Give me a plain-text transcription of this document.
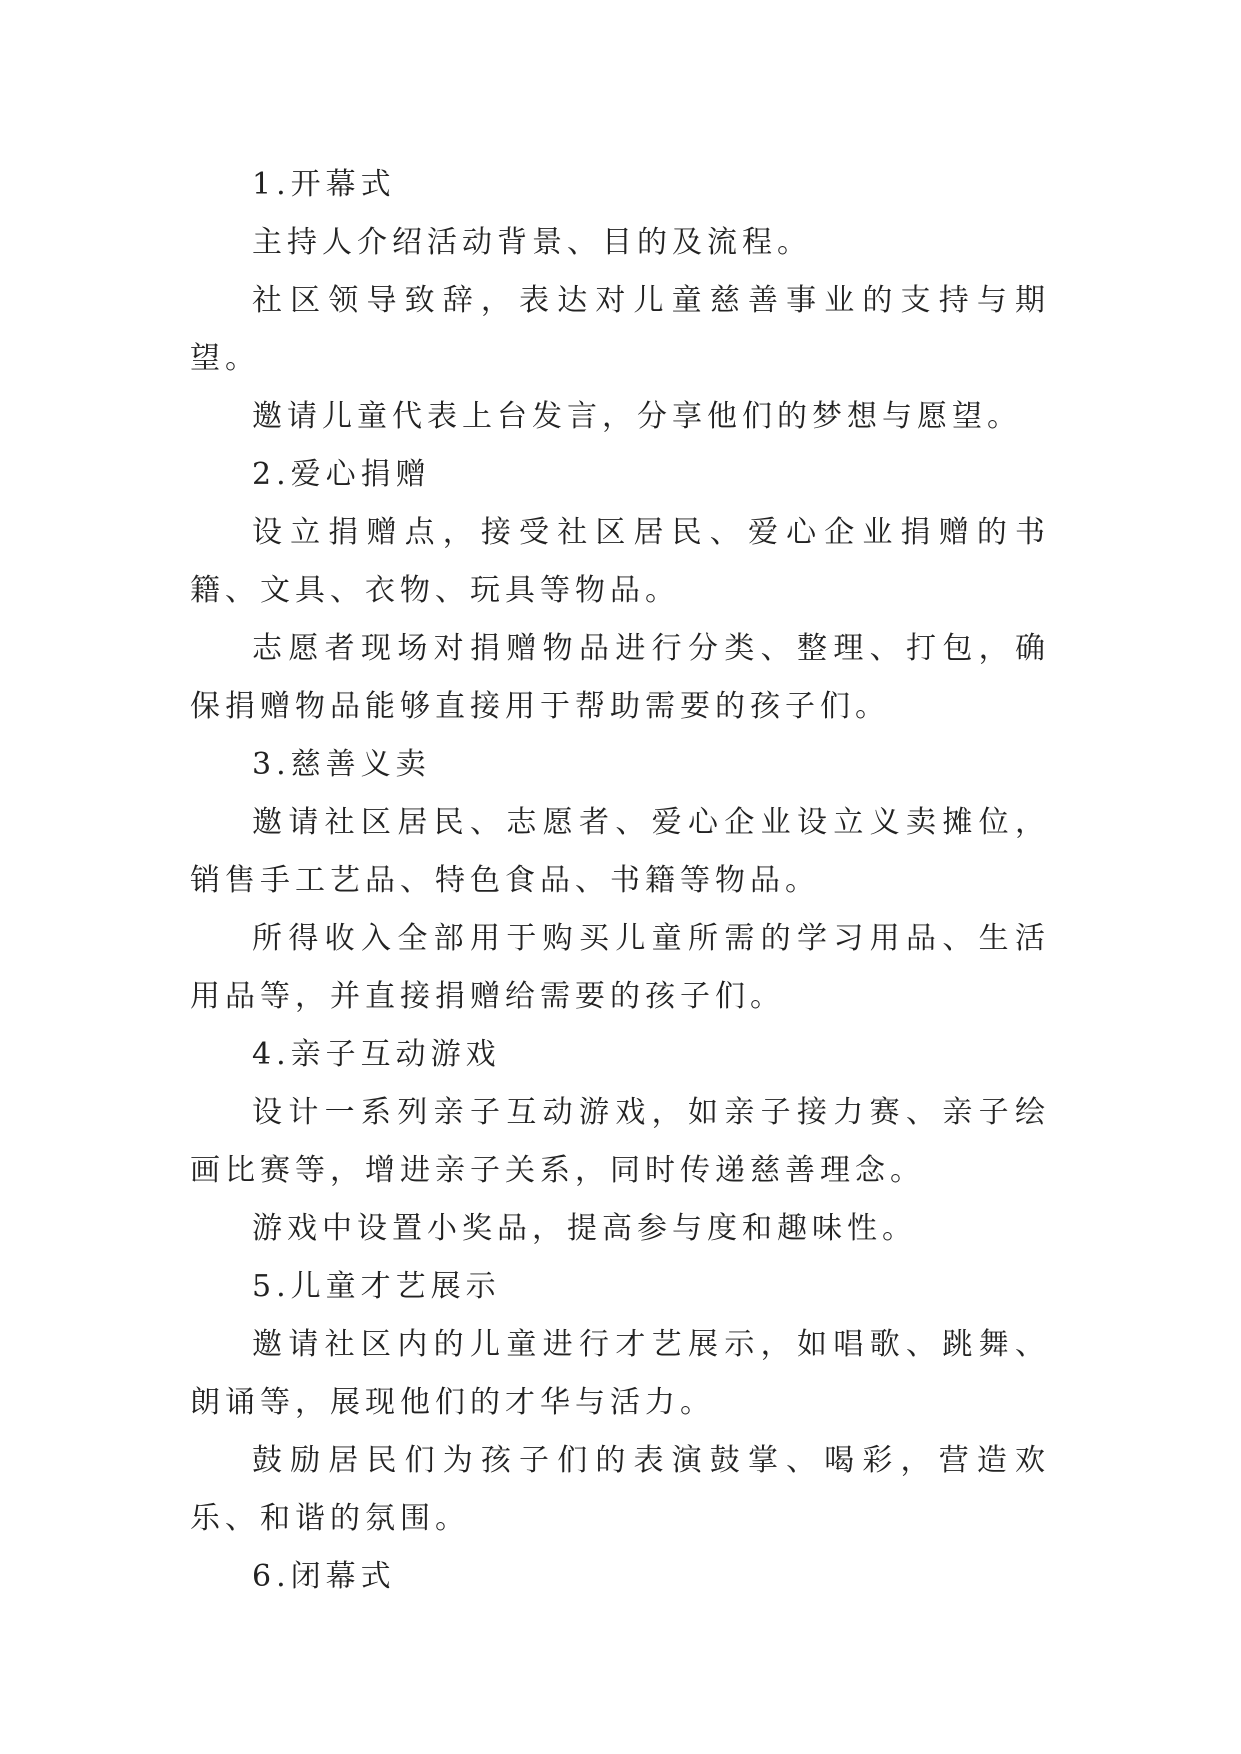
1.开幕式

主持人介绍活动背景、目的及流程。

社区领导致辞，表达对儿童慈善事业的支持与期望。

邀请儿童代表上台发言，分享他们的梦想与愿望。

2.爱心捐赠

设立捐赠点，接受社区居民、爱心企业捐赠的书籍、文具、衣物、玩具等物品。

志愿者现场对捐赠物品进行分类、整理、打包，确保捐赠物品能够直接用于帮助需要的孩子们。

3.慈善义卖

邀请社区居民、志愿者、爱心企业设立义卖摊位，销售手工艺品、特色食品、书籍等物品。

所得收入全部用于购买儿童所需的学习用品、生活用品等，并直接捐赠给需要的孩子们。

4.亲子互动游戏

设计一系列亲子互动游戏，如亲子接力赛、亲子绘画比赛等，增进亲子关系，同时传递慈善理念。

游戏中设置小奖品，提高参与度和趣味性。

5.儿童才艺展示

邀请社区内的儿童进行才艺展示，如唱歌、跳舞、朗诵等，展现他们的才华与活力。

鼓励居民们为孩子们的表演鼓掌、喝彩，营造欢乐、和谐的氛围。

6.闭幕式
